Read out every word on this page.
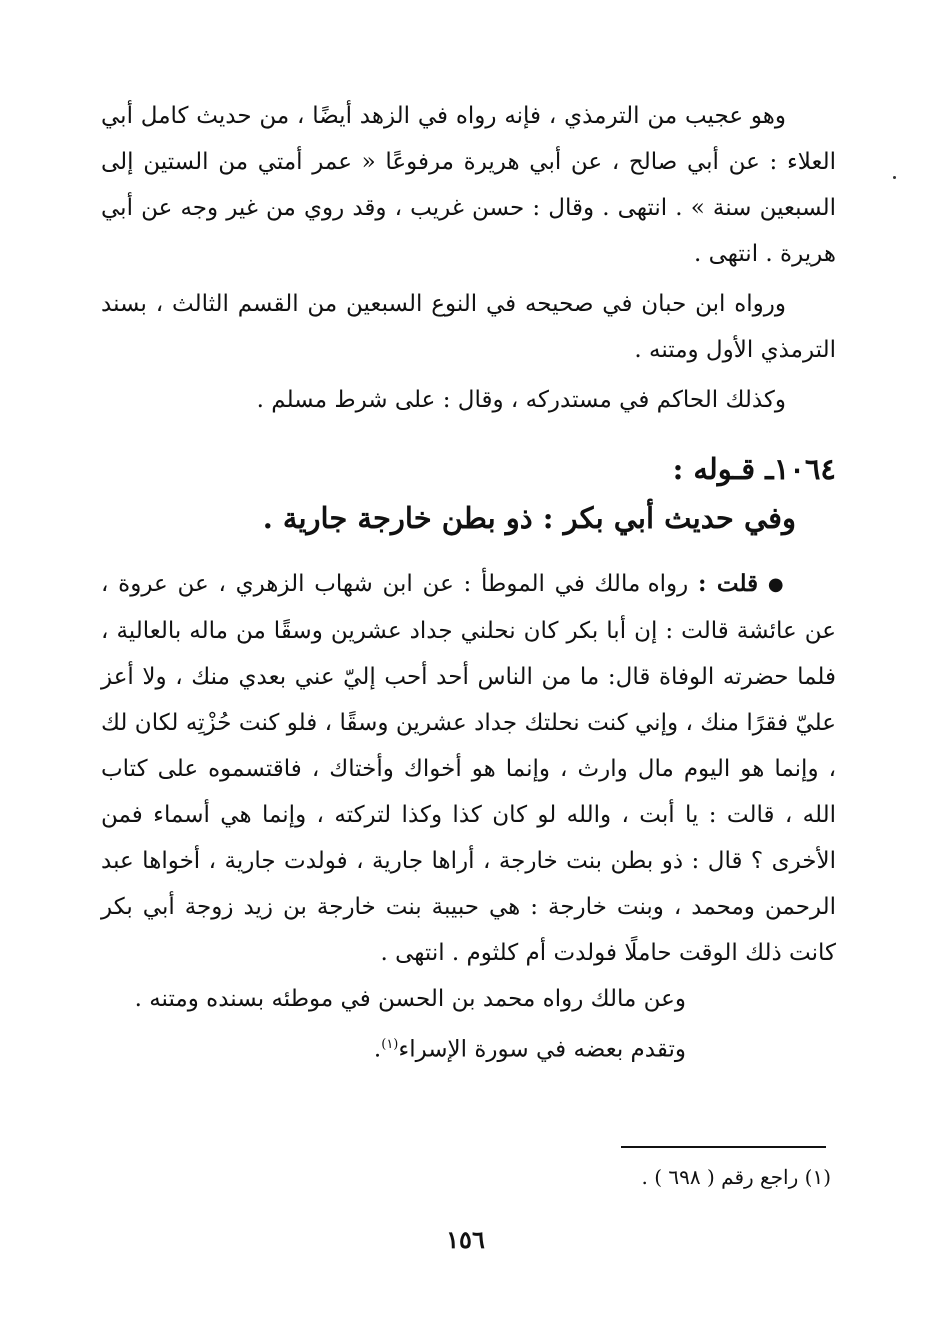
وهو عجيب من الترمذي ، فإنه رواه في الزهد أيضًا ، من حديث كامل أبي العلاء : عن أبي صالح ، عن أبي هريرة مرفوعًا « عمر أمتي من الستين إلى السبعين سنة » . انتهى . وقال : حسن غريب ، وقد روي من غير وجه عن أبي هريرة . انتهى .

ورواه ابن حبان في صحيحه في النوع السبعين من القسم الثالث ، بسند الترمذي الأول ومتنه .

وكذلك الحاكم في مستدركه ، وقال : على شرط مسلم .

١٠٦٤ـ قـوله :
وفي حديث أبي بكر : ذو بطن خارجة جارية .

● قلت : رواه مالك في الموطأ : عن ابن شهاب الزهري ، عن عروة ، عن عائشة قالت : إن أبا بكر كان نحلني جداد عشرين وسقًا من ماله بالعالية ، فلما حضرته الوفاة قال: ما من الناس أحد أحب إليّ عني بعدي منك ، ولا أعز عليّ فقرًا منك ، وإني كنت نحلتك جداد عشرين وسقًا ، فلو كنت حُزْتِه لكان لك ، وإنما هو اليوم مال وارث ، وإنما هو أخواك وأختاك ، فاقتسموه على كتاب الله ، قالت : يا أبت ، والله لو كان كذا وكذا لتركته ، وإنما هي أسماء فمن الأخرى ؟ قال : ذو بطن بنت خارجة ، أراها جارية ، فولدت جارية ، أخواها عبد الرحمن ومحمد ، وبنت خارجة : هي حبيبة بنت خارجة بن زيد زوجة أبي بكر كانت ذلك الوقت حاملًا فولدت أم كلثوم . انتهى .

وعن مالك رواه محمد بن الحسن في موطئه بسنده ومتنه .

وتقدم بعضه في سورة الإسراء$^{(١)}$.

(١) راجع رقم ( ٦٩٨ ) .
١٥٦
